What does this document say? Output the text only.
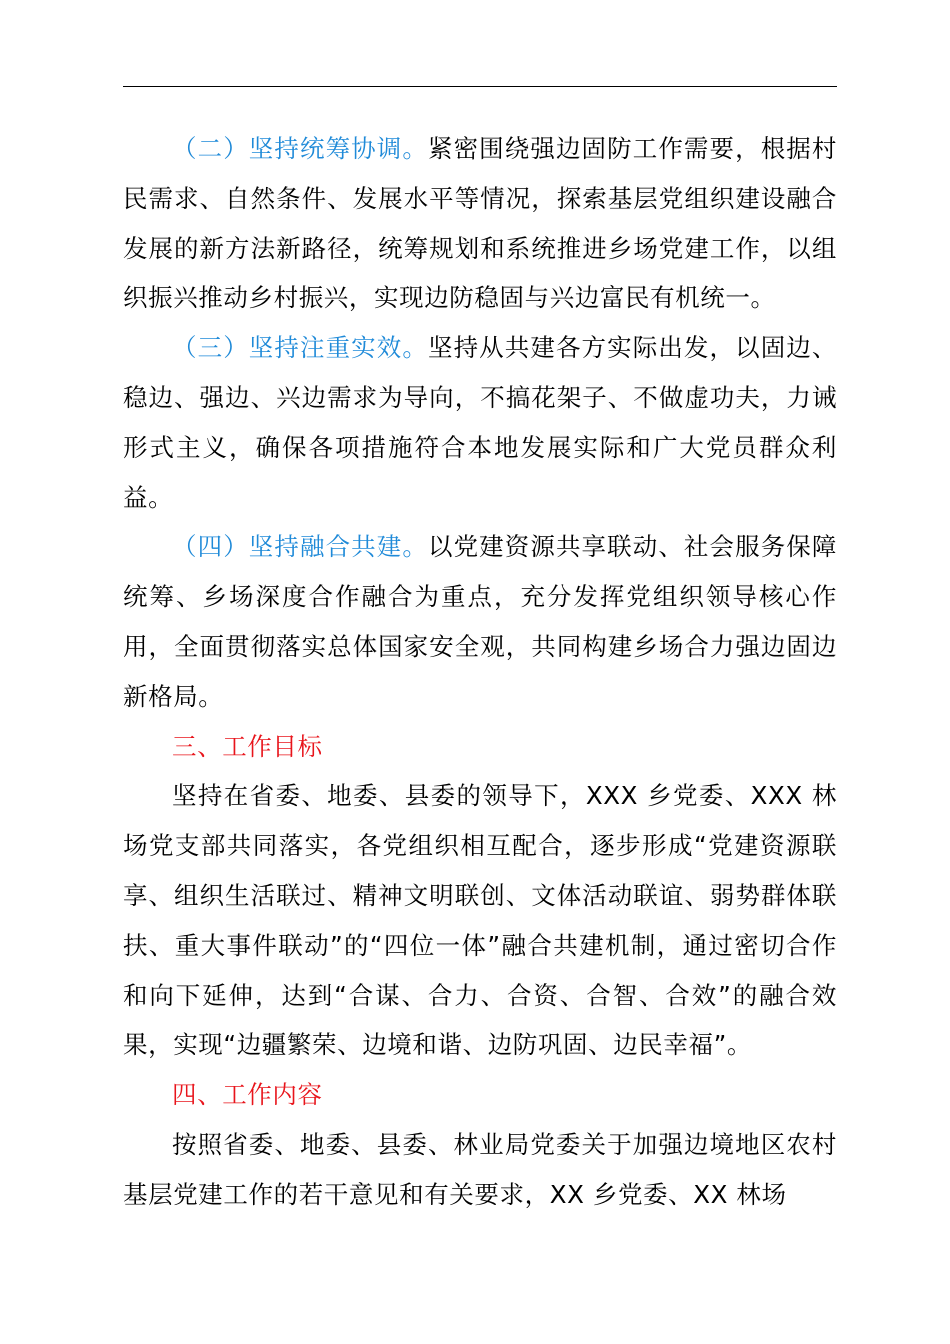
（二）坚持统筹协调。紧密围绕强边固防工作需要，根据村民需求、自然条件、发展水平等情况，探索基层党组织建设融合发展的新方法新路径，统筹规划和系统推进乡场党建工作，以组织振兴推动乡村振兴，实现边防稳固与兴边富民有机统一。

（三）坚持注重实效。坚持从共建各方实际出发，以固边、稳边、强边、兴边需求为导向，不搞花架子、不做虚功夫，力诫形式主义，确保各项措施符合本地发展实际和广大党员群众利益。

（四）坚持融合共建。以党建资源共享联动、社会服务保障统筹、乡场深度合作融合为重点，充分发挥党组织领导核心作用，全面贯彻落实总体国家安全观，共同构建乡场合力强边固边新格局。

三、工作目标

坚持在省委、地委、县委的领导下，XXX 乡党委、XXX 林场党支部共同落实，各党组织相互配合，逐步形成“党建资源联享、组织生活联过、精神文明联创、文体活动联谊、弱势群体联扶、重大事件联动”的“四位一体”融合共建机制，通过密切合作和向下延伸，达到“合谋、合力、合资、合智、合效”的融合效果，实现“边疆繁荣、边境和谐、边防巩固、边民幸福”。

四、工作内容

按照省委、地委、县委、林业局党委关于加强边境地区农村基层党建工作的若干意见和有关要求，XX 乡党委、XX 林场
